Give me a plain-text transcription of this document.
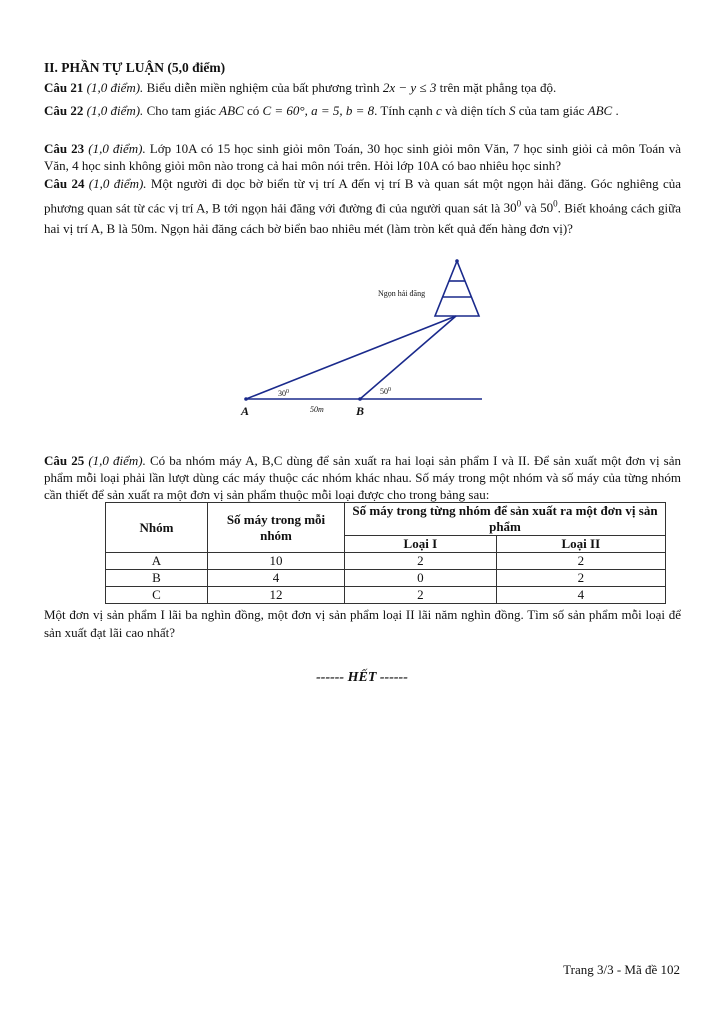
II. PHẦN TỰ LUẬN (5,0 điểm)
Câu 21 (1,0 điểm). Biểu diễn miền nghiệm của bất phương trình 2x − y ≤ 3 trên mặt phẳng tọa độ.
Câu 22 (1,0 điểm). Cho tam giác ABC có C = 60°, a = 5, b = 8. Tính cạnh c và diện tích S của tam giác ABC .
Câu 23 (1,0 điểm). Lớp 10A có 15 học sinh giỏi môn Toán, 30 học sinh giỏi môn Văn, 7 học sinh giỏi cả môn Toán và Văn, 4 học sinh không giỏi môn nào trong cả hai môn nói trên. Hỏi lớp 10A có bao nhiêu học sinh?
Câu 24 (1,0 điểm). Một người đi dọc bờ biển từ vị trí A đến vị trí B và quan sát một ngọn hải đăng. Góc nghiêng của phương quan sát từ các vị trí A, B tới ngọn hải đăng với đường đi của người quan sát là $30^0$ và $50^0$. Biết khoảng cách giữa hai vị trí A, B là 50m. Ngọn hải đăng cách bờ biển bao nhiêu mét (làm tròn kết quả đến hàng đơn vị)?
Ngọn hải đăng
$30^0$	$50^0$
A	B
50m
Câu 25 (1,0 điểm). Có ba nhóm máy A, B,C dùng để sản xuất ra hai loại sản phẩm I và II. Để sản xuất một đơn vị sản phẩm mỗi loại phải lần lượt dùng các máy thuộc các nhóm khác nhau. Số máy trong một nhóm và số máy của từng nhóm cần thiết để sản xuất ra một đơn vị sản phẩm thuộc mỗi loại được cho trong bảng sau:
Nhóm	Số máy trong mỗi nhóm	Số máy trong từng nhóm để sản xuất ra một đơn vị sản phẩm	
		Loại I	Loại II
A	10	2	2
B	4	0	2
C	12	2	4
Một đơn vị sản phẩm I lãi ba nghìn đồng, một đơn vị sản phẩm loại II lãi năm nghìn đồng. Tìm số sản phẩm mỗi loại để sản xuất đạt lãi cao nhất?
------ HẾT ------
Trang 3/3 - Mã đề 102
